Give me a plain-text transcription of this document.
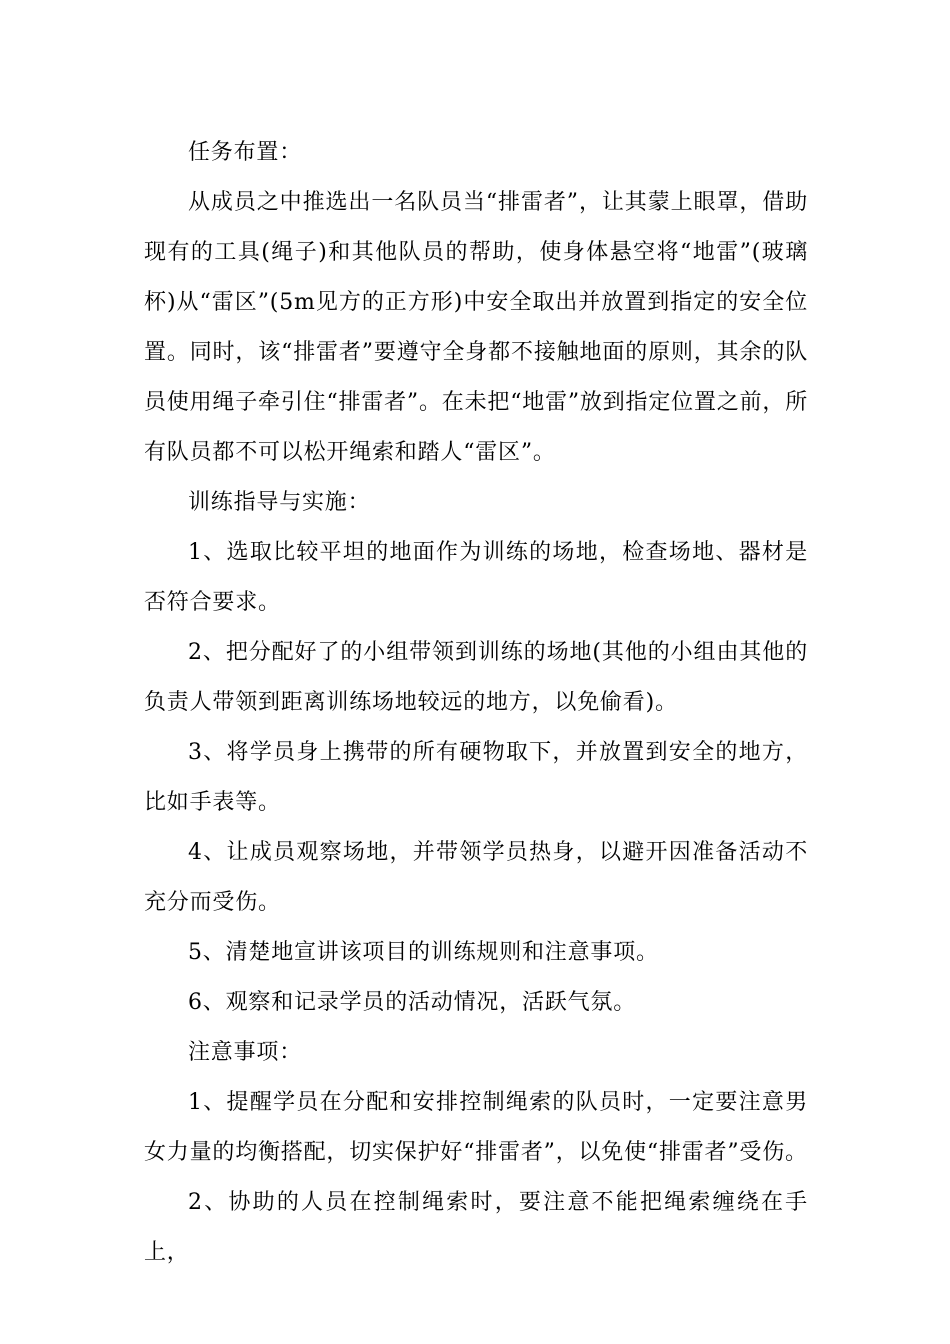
任务布置：

从成员之中推选出一名队员当“排雷者”，让其蒙上眼罩，借助现有的工具(绳子)和其他队员的帮助，使身体悬空将“地雷”(玻璃杯)从“雷区”(5m见方的正方形)中安全取出并放置到指定的安全位置。同时，该“排雷者”要遵守全身都不接触地面的原则，其余的队员使用绳子牵引住“排雷者”。在未把“地雷”放到指定位置之前，所有队员都不可以松开绳索和踏人“雷区”。

训练指导与实施：

1、选取比较平坦的地面作为训练的场地，检查场地、器材是否符合要求。

2、把分配好了的小组带领到训练的场地(其他的小组由其他的负责人带领到距离训练场地较远的地方，以免偷看)。

3、将学员身上携带的所有硬物取下，并放置到安全的地方，比如手表等。

4、让成员观察场地，并带领学员热身，以避开因准备活动不充分而受伤。

5、清楚地宣讲该项目的训练规则和注意事项。

6、观察和记录学员的活动情况，活跃气氛。

注意事项：

1、提醒学员在分配和安排控制绳索的队员时，一定要注意男女力量的均衡搭配，切实保护好“排雷者”，以免使“排雷者”受伤。

2、协助的人员在控制绳索时，要注意不能把绳索缠绕在手上，
